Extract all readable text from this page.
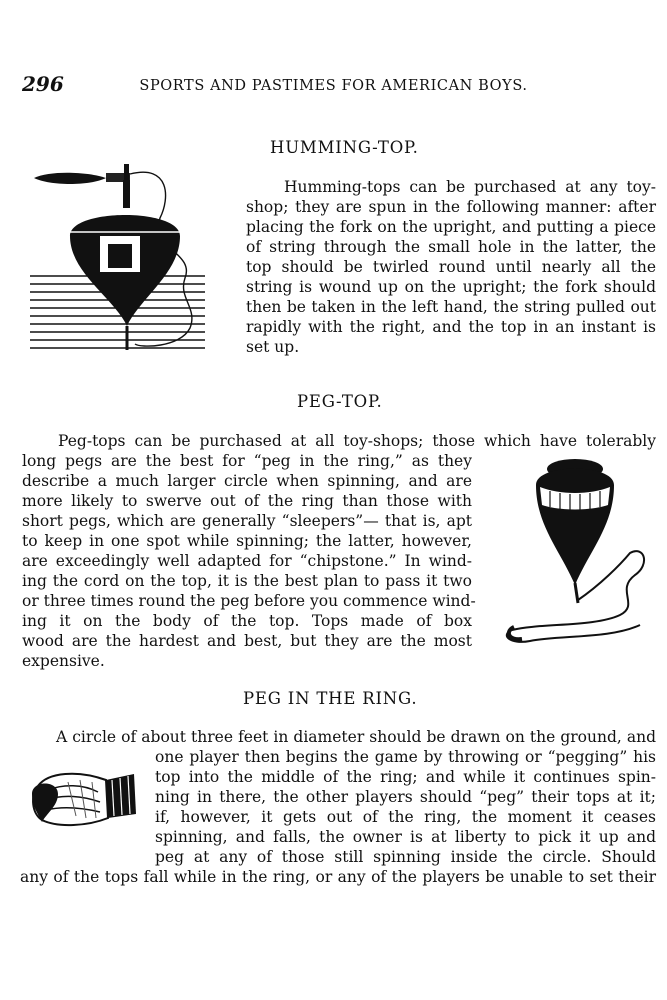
296	SPORTS AND PASTIMES FOR AMERICAN BOYS.
HUMMING-TOP.
Humming-tops can be purchased at any toy-
shop; they are spun in the following manner: after
placing the fork on the upright, and putting a piece
of string through the small hole in the latter, the
top should be twirled round until nearly all the
string is wound up on the upright; the fork should
then be taken in the left hand, the string pulled out
rapidly with the right, and the top in an instant is
set up.
PEG-TOP.
Peg-tops can be purchased at all toy-shops; those which have tolerably
long pegs are the best for “peg in the ring,” as they
describe a much larger circle when spinning, and are
more likely to swerve out of the ring than those with
short pegs, which are generally “sleepers”— that is, apt
to keep in one spot while spinning; the latter, however,
are exceedingly well adapted for “chipstone.” In wind-
ing the cord on the top, it is the best plan to pass it two
or three times round the peg before you commence wind-
ing it on the body of the top. Tops made of box
wood are the hardest and best, but they are the most
expensive.
PEG IN THE RING.
A circle of about three feet in diameter should be drawn on the ground, and
one player then begins the game by throwing or “pegging” his
top into the middle of the ring; and while it continues spin-
ning in there, the other players should “peg” their tops at it;
if, however, it gets out of the ring, the moment it ceases
spinning, and falls, the owner is at liberty to pick it up and
peg at any of those still spinning inside the circle. Should
any of the tops fall while in the ring, or any of the players be unable to set their
